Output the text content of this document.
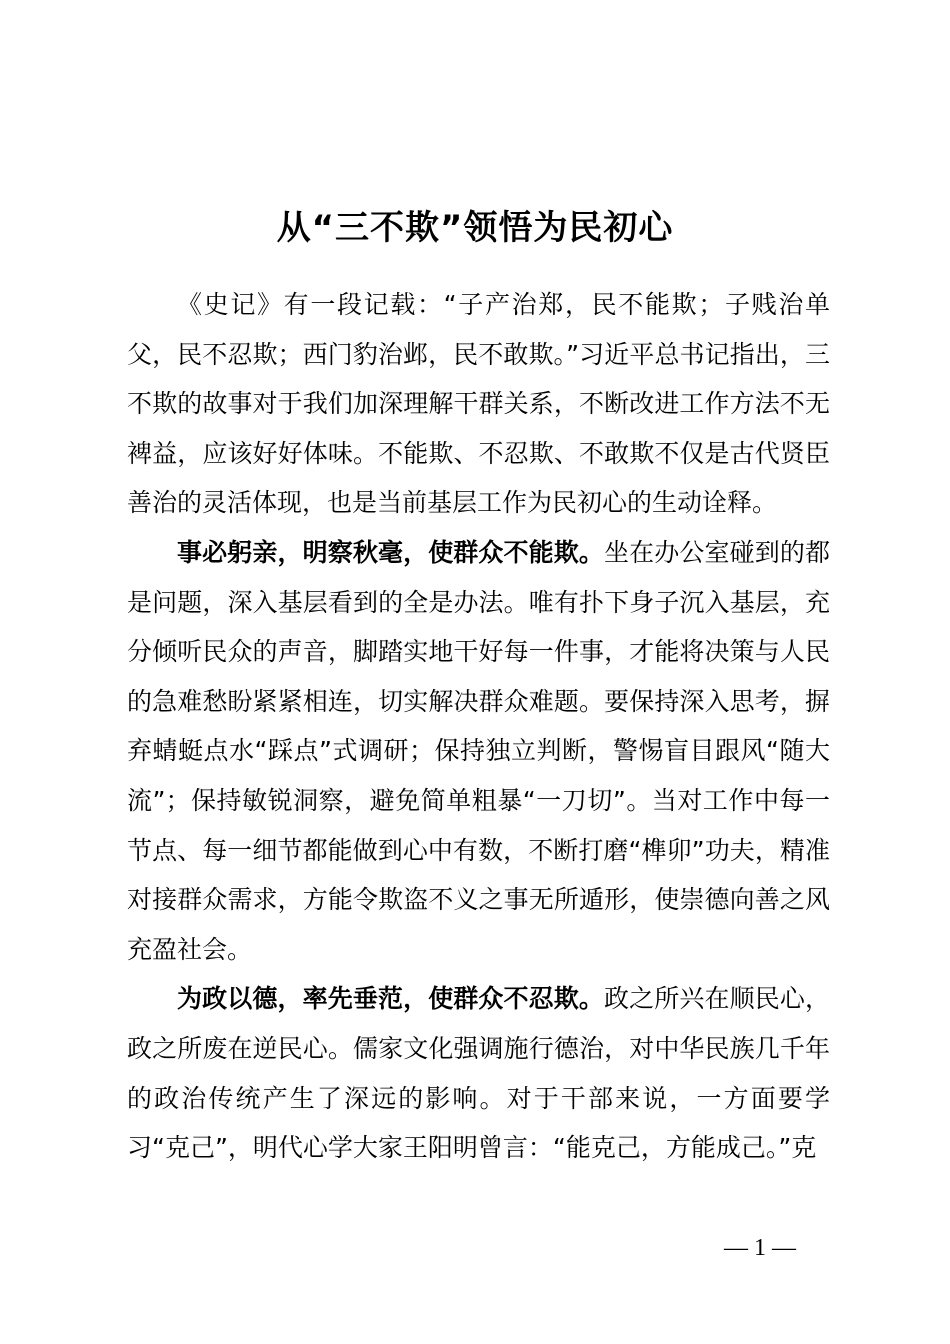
从“三不欺”领悟为民初心

《史记》有一段记载：“子产治郑，民不能欺；子贱治单父，民不忍欺；西门豹治邺，民不敢欺。”习近平总书记指出，三不欺的故事对于我们加深理解干群关系，不断改进工作方法不无裨益，应该好好体味。不能欺、不忍欺、不敢欺不仅是古代贤臣善治的灵活体现，也是当前基层工作为民初心的生动诠释。

事必躬亲，明察秋毫，使群众不能欺。坐在办公室碰到的都是问题，深入基层看到的全是办法。唯有扑下身子沉入基层，充分倾听民众的声音，脚踏实地干好每一件事，才能将决策与人民的急难愁盼紧紧相连，切实解决群众难题。要保持深入思考，摒弃蜻蜓点水“踩点”式调研；保持独立判断，警惕盲目跟风“随大流”；保持敏锐洞察，避免简单粗暴“一刀切”。当对工作中每一节点、每一细节都能做到心中有数，不断打磨“榫卯”功夫，精准对接群众需求，方能令欺盗不义之事无所遁形，使崇德向善之风充盈社会。

为政以德，率先垂范，使群众不忍欺。政之所兴在顺民心，政之所废在逆民心。儒家文化强调施行德治，对中华民族几千年的政治传统产生了深远的影响。对于干部来说，一方面要学习“克己”，明代心学大家王阳明曾言：“能克己，方能成己。”克

— 1 —
